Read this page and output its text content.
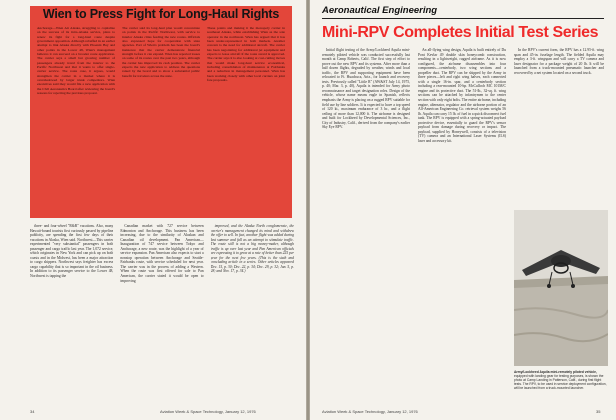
Wien to Press Fight for Long-Haul Rights
Anchorage—Wien Air Alaska, struggling to capitalize on the success of its intra-Alaska service, plans to renew its fight for a long-haul route despite government opposition. Although rebuffed in an earlier attempt to link Alaska directly with Phoenix Bay and other points in the Lower 48, Wien's management believes it can succeed on a broader route application. The carrier says a small but growing number of passengers already travel from the interior to the Pacific Northwest and that it wants to offer single-carrier service. The route case, it argues, would strengthen the carrier in a market where it is overshadowed by larger trunk competitors. Wien executives said they would file a new application with the Civil Aeronautics Board after reviewing the board's reasons for rejecting the previous proposal.
The carrier said its long-haul plan would concentrate on points in the Pacific Northwest, with service to interior Alaska cities feeding the new routes. Officials also expressed hope for cooperation with state agencies. Part of Wien's problem has been the board's insistence that the carrier demonstrate financial strength before it can expand. Wien has reported losses on some of its routes over the past two years, although the carrier has improved its cash position. The carrier expects the new application to address the questions raised by the board and to show a substantial public benefit for travelers across the state.
These points and making it the monopoly carrier in southeast Alaska, while establishing Wien as the sole operator in the northwest. Wien has argued that it has been under-represented in both markets. Another concern is the need for additional aircraft. The carrier has been negotiating for additional jet equipment and expects to lease aircraft if the route award is approved. The carrier says it is also looking at cost-cutting moves that would make long-haul service economical, including consolidation of maintenance at Fairbanks and a reduction in management personnel. Wien has been working closely with other local carriers on joint fare proposals.

three- and four-wheel "R&R" vacations. Also, many Hawaii-bound tourists first curiously passed by pipeline publicity, are spending the first few days of their vacations in Alaska, Wien said. Northwest—This carrier experimented "very substantial" passengers in both passenger and cargo traffic last year. The 1,072 service, which originates in New York and can pick up on both coasts and in the Midwest, has been a major attraction to cargo shippers. Northwest says freighter has excess cargo capability that is so important in the oil business. In addition to its passenger service to the Lower 48, Northwest is tapping the

Canadian market with 727 service between Edmonton and Anchorage. This business has been increasing, due to the similarity of Alaskan and Canadian oil development. Pan American—Inauguration of 747 service between Tokyo and Anchorage, a new route, was the highlight of a year of service expansion. Pan American also expects to start a nonstop operation between Anchorage and Seattle-Fairbanks route, with service scheduled for next year. The carrier was in the process of adding a Western. When the route was first offered for sale to Pan American, the carrier stated it would be open to improving

improved, and the Alaska North conglomerate, the carrier's management changed its mind and withdrew the offer to sell. In fact, another flight was added during last summer and fall as an attempt to stimulate traffic. The route still is not a big money-maker, although traffic is up over last year and Pan American officials are expressing it to grow at a rate of better than 225 per year for the next few years. (This is the sixth and concluding article in a series. Other articles appeared Dec. 15, p. 30; Dec. 22, p. 34; Dec. 29, p. 32; Jan. 5, p. 28; and Nov. 17, p. 34.)

34	Aviation Week & Space Technology, January 12, 1976
Aeronautical Engineering
Mini-RPV Completes Initial Test Series

Initial flight testing of the Army/Lockheed Aquila mini-remotely piloted vehicle was conducted successfully last month at Camp Roberts, Calif. The first step of effort to prove out the new RPV and its systems. After more than a half dozen flights, degraded by weather, winds and local traffic, the RPV and supporting equipment have been relocated to Ft. Huachuca, Ariz., for launch and recovery tests. Previously called "Little R" (AW&ST July 14, 1975, p. 40; Mar. 3, p. 40), Aquila is intended for Army photo reconnaissance and target designation roles. Design of the vehicle, whose name means eagle in Spanish, reflects emphasis the Army is placing on a rugged RPV suitable for field use by line soldiers. It is expected to have a top speed of 120 kt., maximum endurance of 3 hr., and a flight ceiling of more than 12,000 ft. The airframe is designed and built for Lockheed by Developmental Sciences, Inc., City of Industry, Calif., derived from the company's earlier Sky Eye RPV.

An all-flying wing design, Aquila is built entirely of Du Pont Kevlar 49 double skin honeycomb construction, resulting in a lightweight, rugged airframe. As it is now configured, the airframe disassembles into four components—centerbody, two wing sections and a propeller duct. The RPV can be shipped by the Army in three pieces—left and right wing halves, each connected with a single 16-in. spar, and a centerbody section including a rear-mounted 10-hp. McCulloch MC 101M/C engine and its protective duct. The 51-lb., 32-sq. ft. wing sections can be attached by infantrymen to the center section with only eight bolts. The entire airframe, including engine, alternator, regulator and the airborne portion of an All-American Engineering Co. retrieval system weighs 56 lb. Aquila can carry 15 lb. of fuel in a quick disconnect fuel tank. The RPV is equipped with a spring-actuated payload protective device, essentially to guard the RPV's sensor payload from damage during recovery or impact. The payload, supplied by Honeywell, consists of a television (TV) camera and an International Laser Systems (ILS) laser and accessory kit.

In the RPV's current form, the RPV has a 12.95-ft. wing span and 45-in. fuselage length. The fielded Aquila may employ a 3-ft. wingspan and will carry a TV camera and laser designator for a package weight of 20 lb. It will be launched from a truck-mounted pneumatic launcher and recovered by a net system located on a second truck.

Army/Lockheed Aquila mini-remotely piloted vehicle, equipped with landing gear for testing purposes, is shown the photo at Camp Landing in Patterson, Calif., during first flight tests. The RPV, to be used in service deployment configuration, will be launched from a truck-mounted launcher.
Aviation Week & Space Technology, January 12, 1976	35
